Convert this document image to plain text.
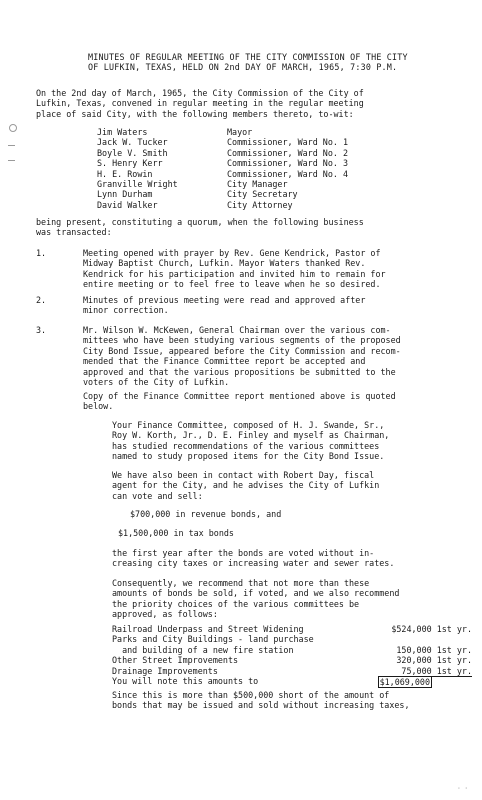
MINUTES OF REGULAR MEETING OF THE CITY COMMISSION OF THE CITY
OF LUFKIN, TEXAS, HELD ON 2nd DAY OF MARCH, 1965, 7:30 P.M.
On the 2nd day of March, 1965, the City Commission of the City of
Lufkin, Texas, convened in regular meeting in the regular meeting
place of said City, with the following members thereto, to-wit:
Jim Waters	Mayor
Jack W. Tucker	Commissioner, Ward No. 1
Boyle V. Smith	Commissioner, Ward No. 2
S. Henry Kerr	Commissioner, Ward No. 3
H. E. Rowin	Commissioner, Ward No. 4
Granville Wright	City Manager
Lynn Durham	City Secretary
David Walker	City Attorney
being present, constituting a quorum, when the following business
was transacted:
1.	Meeting opened with prayer by Rev. Gene Kendrick, Pastor of
Midway Baptist Church, Lufkin. Mayor Waters thanked Rev.
Kendrick for his participation and invited him to remain for
entire meeting or to feel free to leave when he so desired.
2.	Minutes of previous meeting were read and approved after
minor correction.
3.	Mr. Wilson W. McKewen, General Chairman over the various com-
mittees who have been studying various segments of the proposed
City Bond Issue, appeared before the City Commission and recom-
mended that the Finance Committee report be accepted and
approved and that the various propositions be submitted to the
voters of the City of Lufkin.
Copy of the Finance Committee report mentioned above is quoted
below.
Your Finance Committee, composed of H. J. Swande, Sr.,
Roy W. Korth, Jr., D. E. Finley and myself as Chairman,
has studied recommendations of the various committees
named to study proposed items for the City Bond Issue.
We have also been in contact with Robert Day, fiscal
agent for the City, and he advises the City of Lufkin
can vote and sell:
$700,000 in revenue bonds, and
$1,500,000 in tax bonds
the first year after the bonds are voted without in-
creasing city taxes or increasing water and sewer rates.
Consequently, we recommend that not more than these
amounts of bonds be sold, if voted, and we also recommend
the priority choices of the various committees be
approved, as follows:
Railroad Underpass and Street Widening	$524,000 1st yr.
Parks and City Buildings - land purchase
and building of a new fire station	150,000 1st yr.
Other Street Improvements	320,000 1st yr.
Drainage Improvements	75,000 1st yr.
You will note this amounts to	$1,069,000
Since this is more than $500,000 short of the amount of
bonds that may be issued and sold without increasing taxes,
· ·
